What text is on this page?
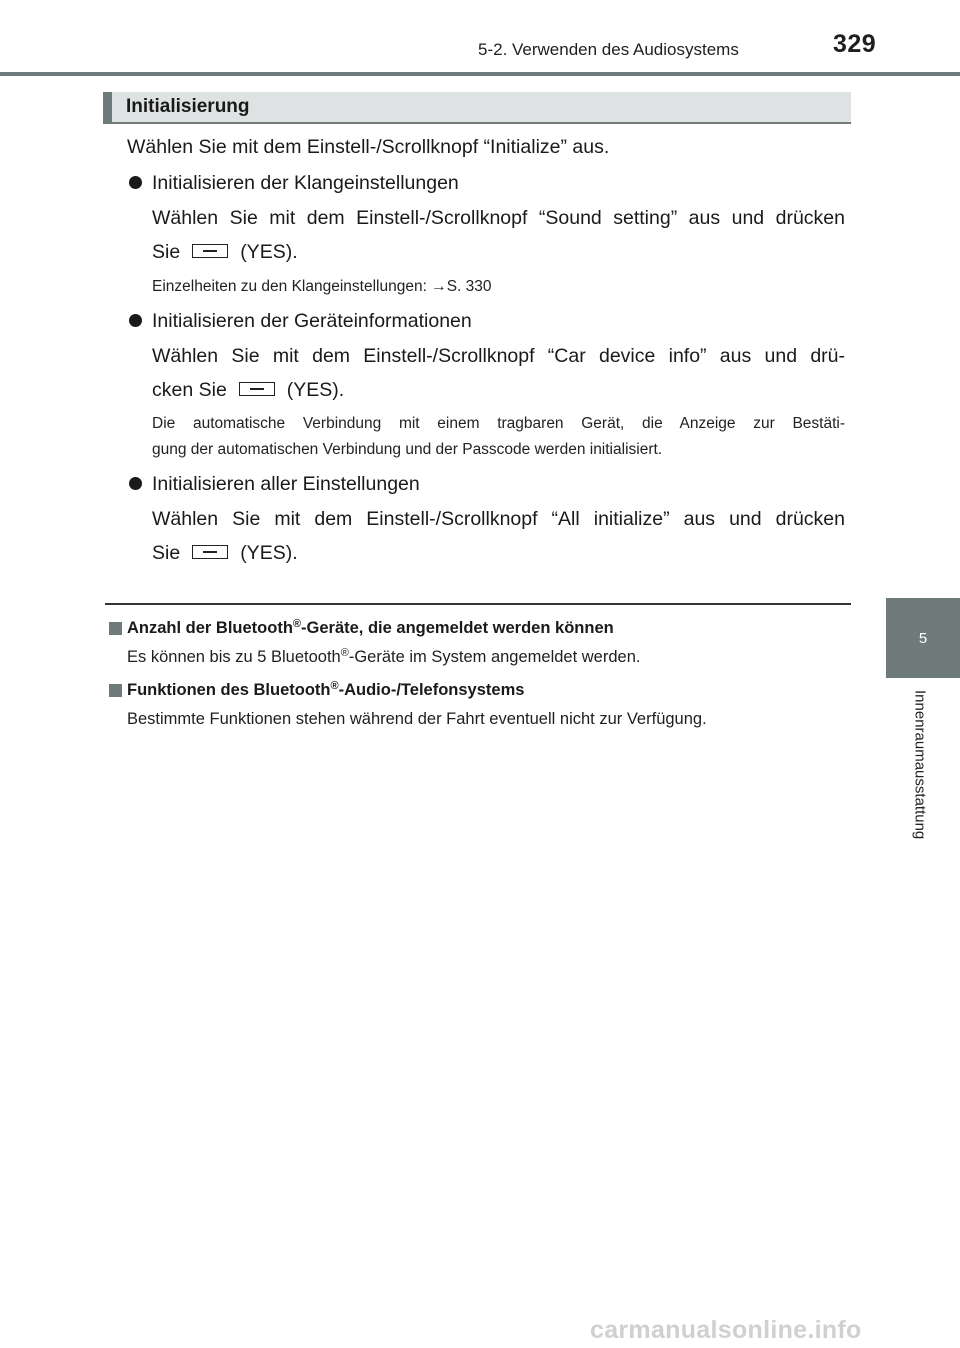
5-2. Verwenden des Audiosystems	329
5
Innenraumausstattung
Initialisierung
Wählen Sie mit dem Einstell-/Scrollknopf “Initialize” aus.
Initialisieren der Klangeinstellungen
Wählen Sie mit dem Einstell-/Scrollknopf “Sound setting” aus und drücken
Sie	(YES).
Einzelheiten zu den Klangeinstellungen: →S. 330
Initialisieren der Geräteinformationen
Wählen Sie mit dem Einstell-/Scrollknopf “Car device info” aus und drü-
cken Sie	(YES).
Die automatische Verbindung mit einem tragbaren Gerät, die Anzeige zur Bestäti-
gung der automatischen Verbindung und der Passcode werden initialisiert.
Initialisieren aller Einstellungen
Wählen Sie mit dem Einstell-/Scrollknopf “All initialize” aus und drücken
Sie	(YES).
Anzahl der Bluetooth®-Geräte, die angemeldet werden können
Es können bis zu 5 Bluetooth®-Geräte im System angemeldet werden.
Funktionen des Bluetooth®-Audio-/Telefonsystems
Bestimmte Funktionen stehen während der Fahrt eventuell nicht zur Verfügung.
carmanualsonline.info
